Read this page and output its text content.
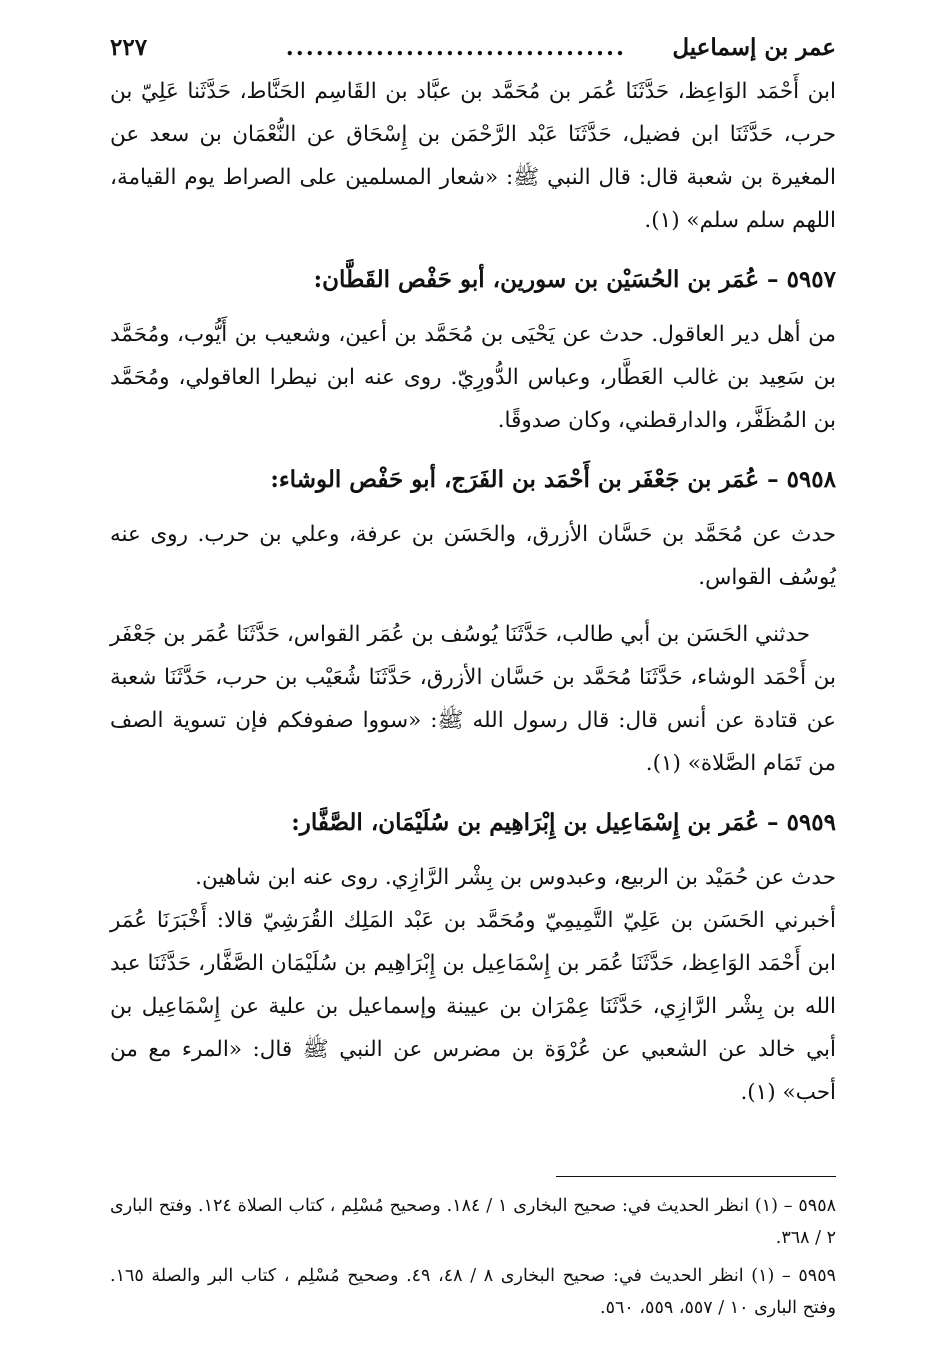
عمر بن إسماعيل
..................................
٢٢٧

ابن أَحْمَد الوَاعِظ، حَدَّثَنَا عُمَر بن مُحَمَّد بن عبَّاد بن القَاسِم الحَنَّاط، حَدَّثَنا عَلِيّ بن حرب، حَدَّثَنَا ابن فضيل، حَدَّثَنَا عَبْد الرَّحْمَن بن إِسْحَاق عن النُّعْمَان بن سعد عن المغيرة بن شعبة قال: قال النبي ﷺ: «شعار المسلمين على الصراط يوم القيامة، اللهم سلم سلم» (١).

٥٩٥٧ – عُمَر بن الحُسَيْن بن سورين، أبو حَفْص القَطَّان:

من أهل دير العاقول. حدث عن يَحْيَى بن مُحَمَّد بن أعين، وشعيب بن أَيُّوب، ومُحَمَّد بن سَعِيد بن غالب العَطَّار، وعباس الدُّورِيّ. روى عنه ابن نيطرا العاقولي، ومُحَمَّد بن المُظَفَّر، والدارقطني، وكان صدوقًا.

٥٩٥٨ – عُمَر بن جَعْفَر بن أَحْمَد بن الفَرَج، أبو حَفْص الوشاء:

حدث عن مُحَمَّد بن حَسَّان الأزرق، والحَسَن بن عرفة، وعلي بن حرب. روى عنه يُوسُف القواس.

حدثني الحَسَن بن أبي طالب، حَدَّثَنَا يُوسُف بن عُمَر القواس، حَدَّثَنَا عُمَر بن جَعْفَر بن أَحْمَد الوشاء، حَدَّثَنَا مُحَمَّد بن حَسَّان الأزرق، حَدَّثَنَا شُعَيْب بن حرب، حَدَّثَنَا شعبة عن قتادة عن أنس قال: قال رسول الله ﷺ: «سووا صفوفكم فإن تسوية الصف من تَمَام الصَّلاة» (١).

٥٩٥٩ – عُمَر بن إِسْمَاعِيل بن إِبْرَاهِيم بن سُلَيْمَان، الصَّفَّار:

حدث عن حُمَيْد بن الربيع، وعبدوس بن بِشْر الرَّازِي. روى عنه ابن شاهين.

أخبرني الحَسَن بن عَلِيّ التَّمِيمِيّ ومُحَمَّد بن عَبْد المَلِك القُرَشِيّ قالا: أَخْبَرَنَا عُمَر ابن أَحْمَد الوَاعِظ، حَدَّثَنَا عُمَر بن إِسْمَاعِيل بن إِبْرَاهِيم بن سُلَيْمَان الصَّفَّار، حَدَّثَنَا عبد الله بن بِشْر الرَّازِي، حَدَّثَنَا عِمْرَان بن عيينة وإسماعيل بن علية عن إِسْمَاعِيل بن أبي خالد عن الشعبي عن عُرْوَة بن مضرس عن النبي ﷺ قال: «المرء مع من أحب» (١).

٥٩٥٨ – (١) انظر الحديث في: صحيح البخارى ١ / ١٨٤. وصحيح مُسْلِم ، كتاب الصلاة ١٢٤. وفتح البارى ٢ / ٣٦٨.

٥٩٥٩ – (١) انظر الحديث في: صحيح البخارى ٨ / ٤٨، ٤٩. وصحيح مُسْلِم ، كتاب البر والصلة ١٦٥. وفتح البارى ١٠ / ٥٥٧، ٥٥٩، ٥٦٠.
